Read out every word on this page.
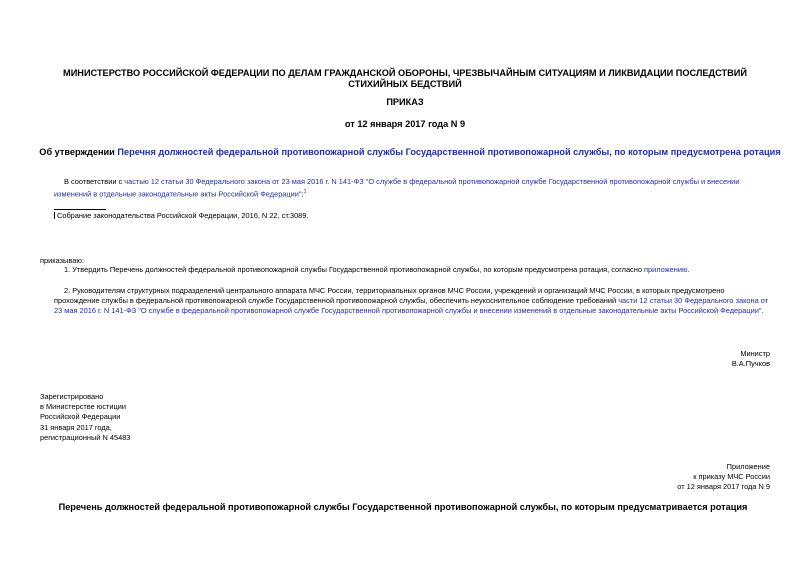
МИНИСТЕРСТВО РОССИЙСКОЙ ФЕДЕРАЦИИ ПО ДЕЛАМ ГРАЖДАНСКОЙ ОБОРОНЫ, ЧРЕЗВЫЧАЙНЫМ СИТУАЦИЯМ И ЛИКВИДАЦИИ ПОСЛЕДСТВИЙ СТИХИЙНЫХ БЕДСТВИЙ
ПРИКАЗ
от 12 января 2017 года N 9
Об утверждении Перечня должностей федеральной противопожарной службы Государственной противопожарной службы, по которым предусмотрена ротация
В соответствии с частью 12 статьи 30 Федерального закона от 23 мая 2016 г. N 141-ФЗ "О службе в федеральной противопожарной службе Государственной противопожарной службы и внесении изменений в отдельные законодательные акты Российской Федерации":$^1$
Собрание законодательства Российской Федерации, 2016, N 22, ст.3089.
приказываю:
1. Утвердить Перечень должностей федеральной противопожарной службы Государственной противопожарной службы, по которым предусмотрена ротация, согласно приложению.
2. Руководителям структурных подразделений центрального аппарата МЧС России, территориальных органов МЧС России, учреждений и организаций МЧС России, в которых предусмотрено прохождение службы в федеральной противопожарной службе Государственной противопожарной службы, обеспечить неукоснительное соблюдение требований части 12 статьи 30 Федерального закона от 23 мая 2016 г. N 141-ФЗ "О службе в федеральной противопожарной службе Государственной противопожарной службы и внесении изменений в отдельные законодательные акты Российской Федерации".
Министр
В.А.Пучков
Зарегистрировано
в Министерстве юстиции
Российской Федерации
31 января 2017 года,
регистрационный N 45483
Приложение
к приказу МЧС России
от 12 января 2017 года N 9
Перечень должностей федеральной противопожарной службы Государственной противопожарной службы, по которым предусматривается ротация
